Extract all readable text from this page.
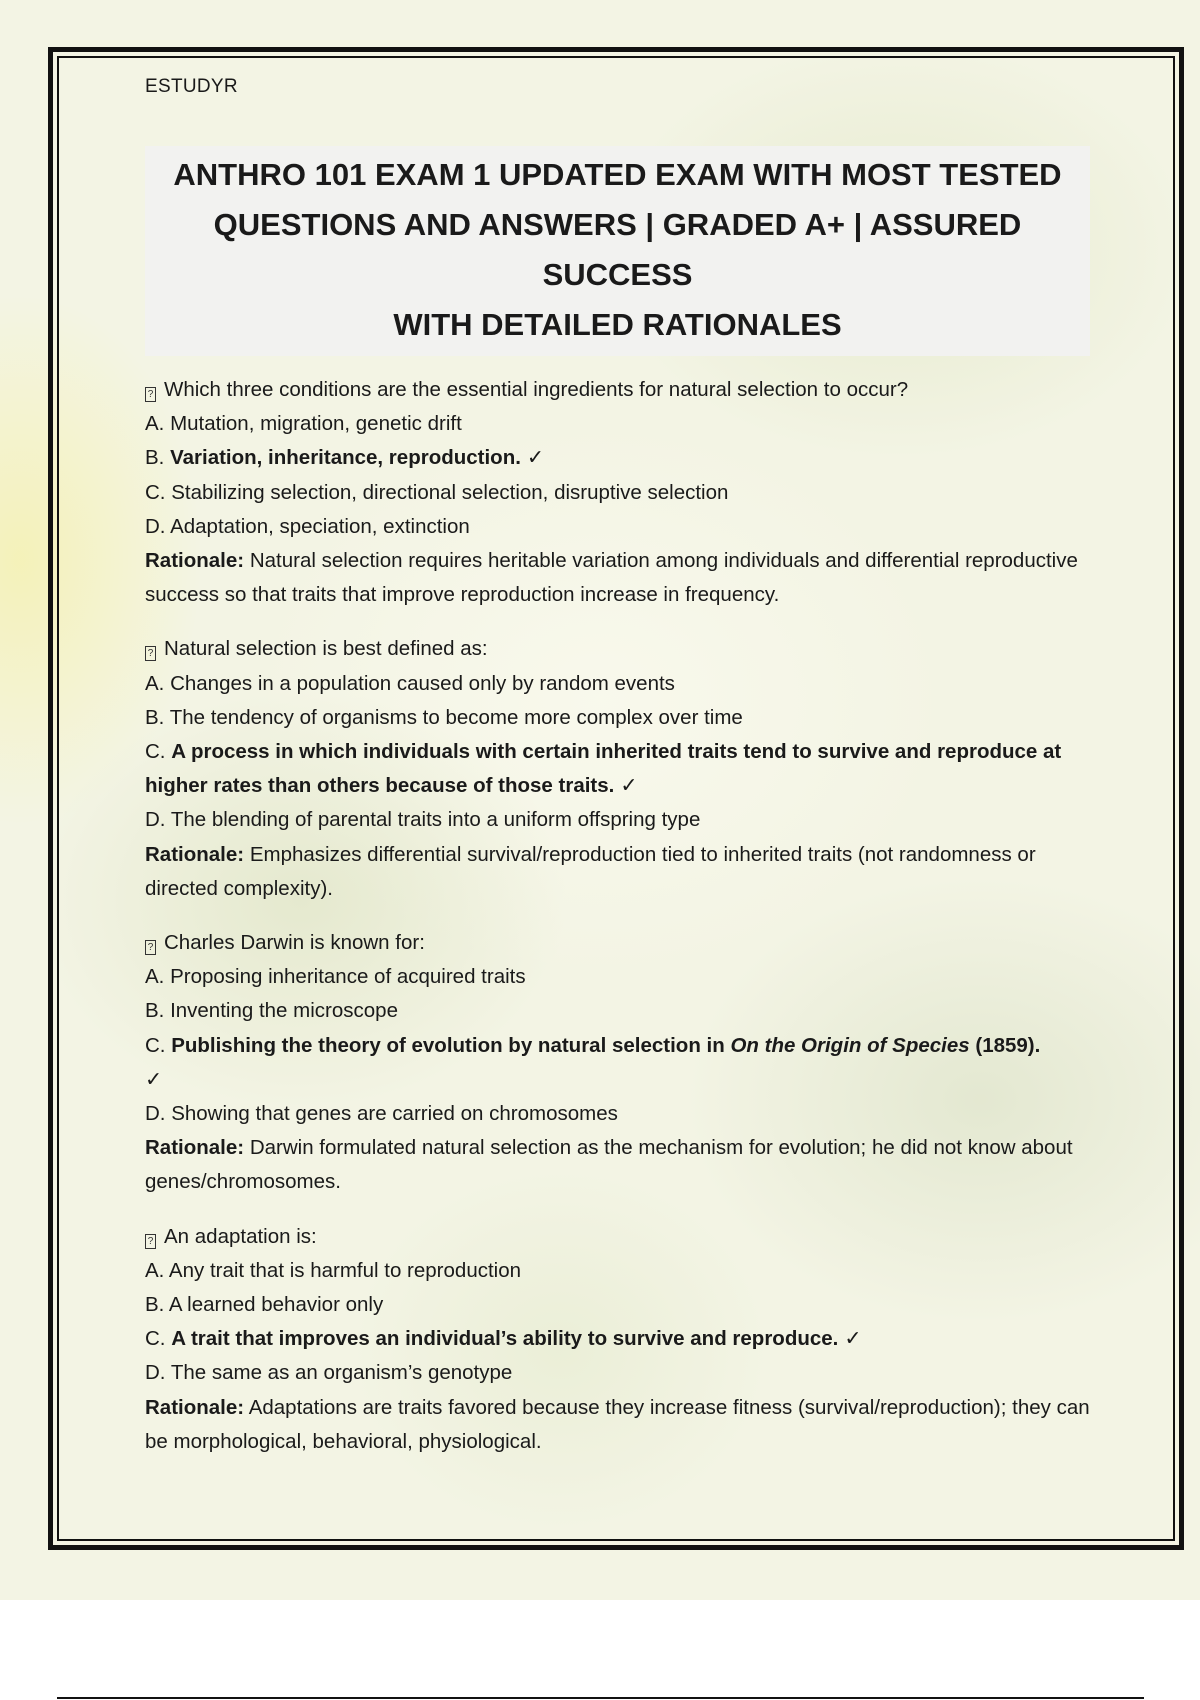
ESTUDYR

ANTHRO 101 EXAM 1 UPDATED EXAM WITH MOST TESTED

QUESTIONS AND ANSWERS | GRADED A+ | ASSURED SUCCESS

WITH DETAILED RATIONALES

? Which three conditions are the essential ingredients for natural selection to occur?

A. Mutation, migration, genetic drift

B. Variation, inheritance, reproduction. ✓

C. Stabilizing selection, directional selection, disruptive selection

D. Adaptation, speciation, extinction

Rationale: Natural selection requires heritable variation among individuals and differential reproductive success so that traits that improve reproduction increase in frequency.

? Natural selection is best defined as:

A. Changes in a population caused only by random events

B. The tendency of organisms to become more complex over time

C. A process in which individuals with certain inherited traits tend to survive and reproduce at higher rates than others because of those traits. ✓

D. The blending of parental traits into a uniform offspring type

Rationale: Emphasizes differential survival/reproduction tied to inherited traits (not randomness or directed complexity).

? Charles Darwin is known for:

A. Proposing inheritance of acquired traits

B. Inventing the microscope

C. Publishing the theory of evolution by natural selection in On the Origin of Species (1859).
✓

D. Showing that genes are carried on chromosomes

Rationale: Darwin formulated natural selection as the mechanism for evolution; he did not know about genes/chromosomes.

? An adaptation is:

A. Any trait that is harmful to reproduction

B. A learned behavior only

C. A trait that improves an individual’s ability to survive and reproduce. ✓

D. The same as an organism’s genotype

Rationale: Adaptations are traits favored because they increase fitness (survival/reproduction); they can be morphological, behavioral, physiological.
